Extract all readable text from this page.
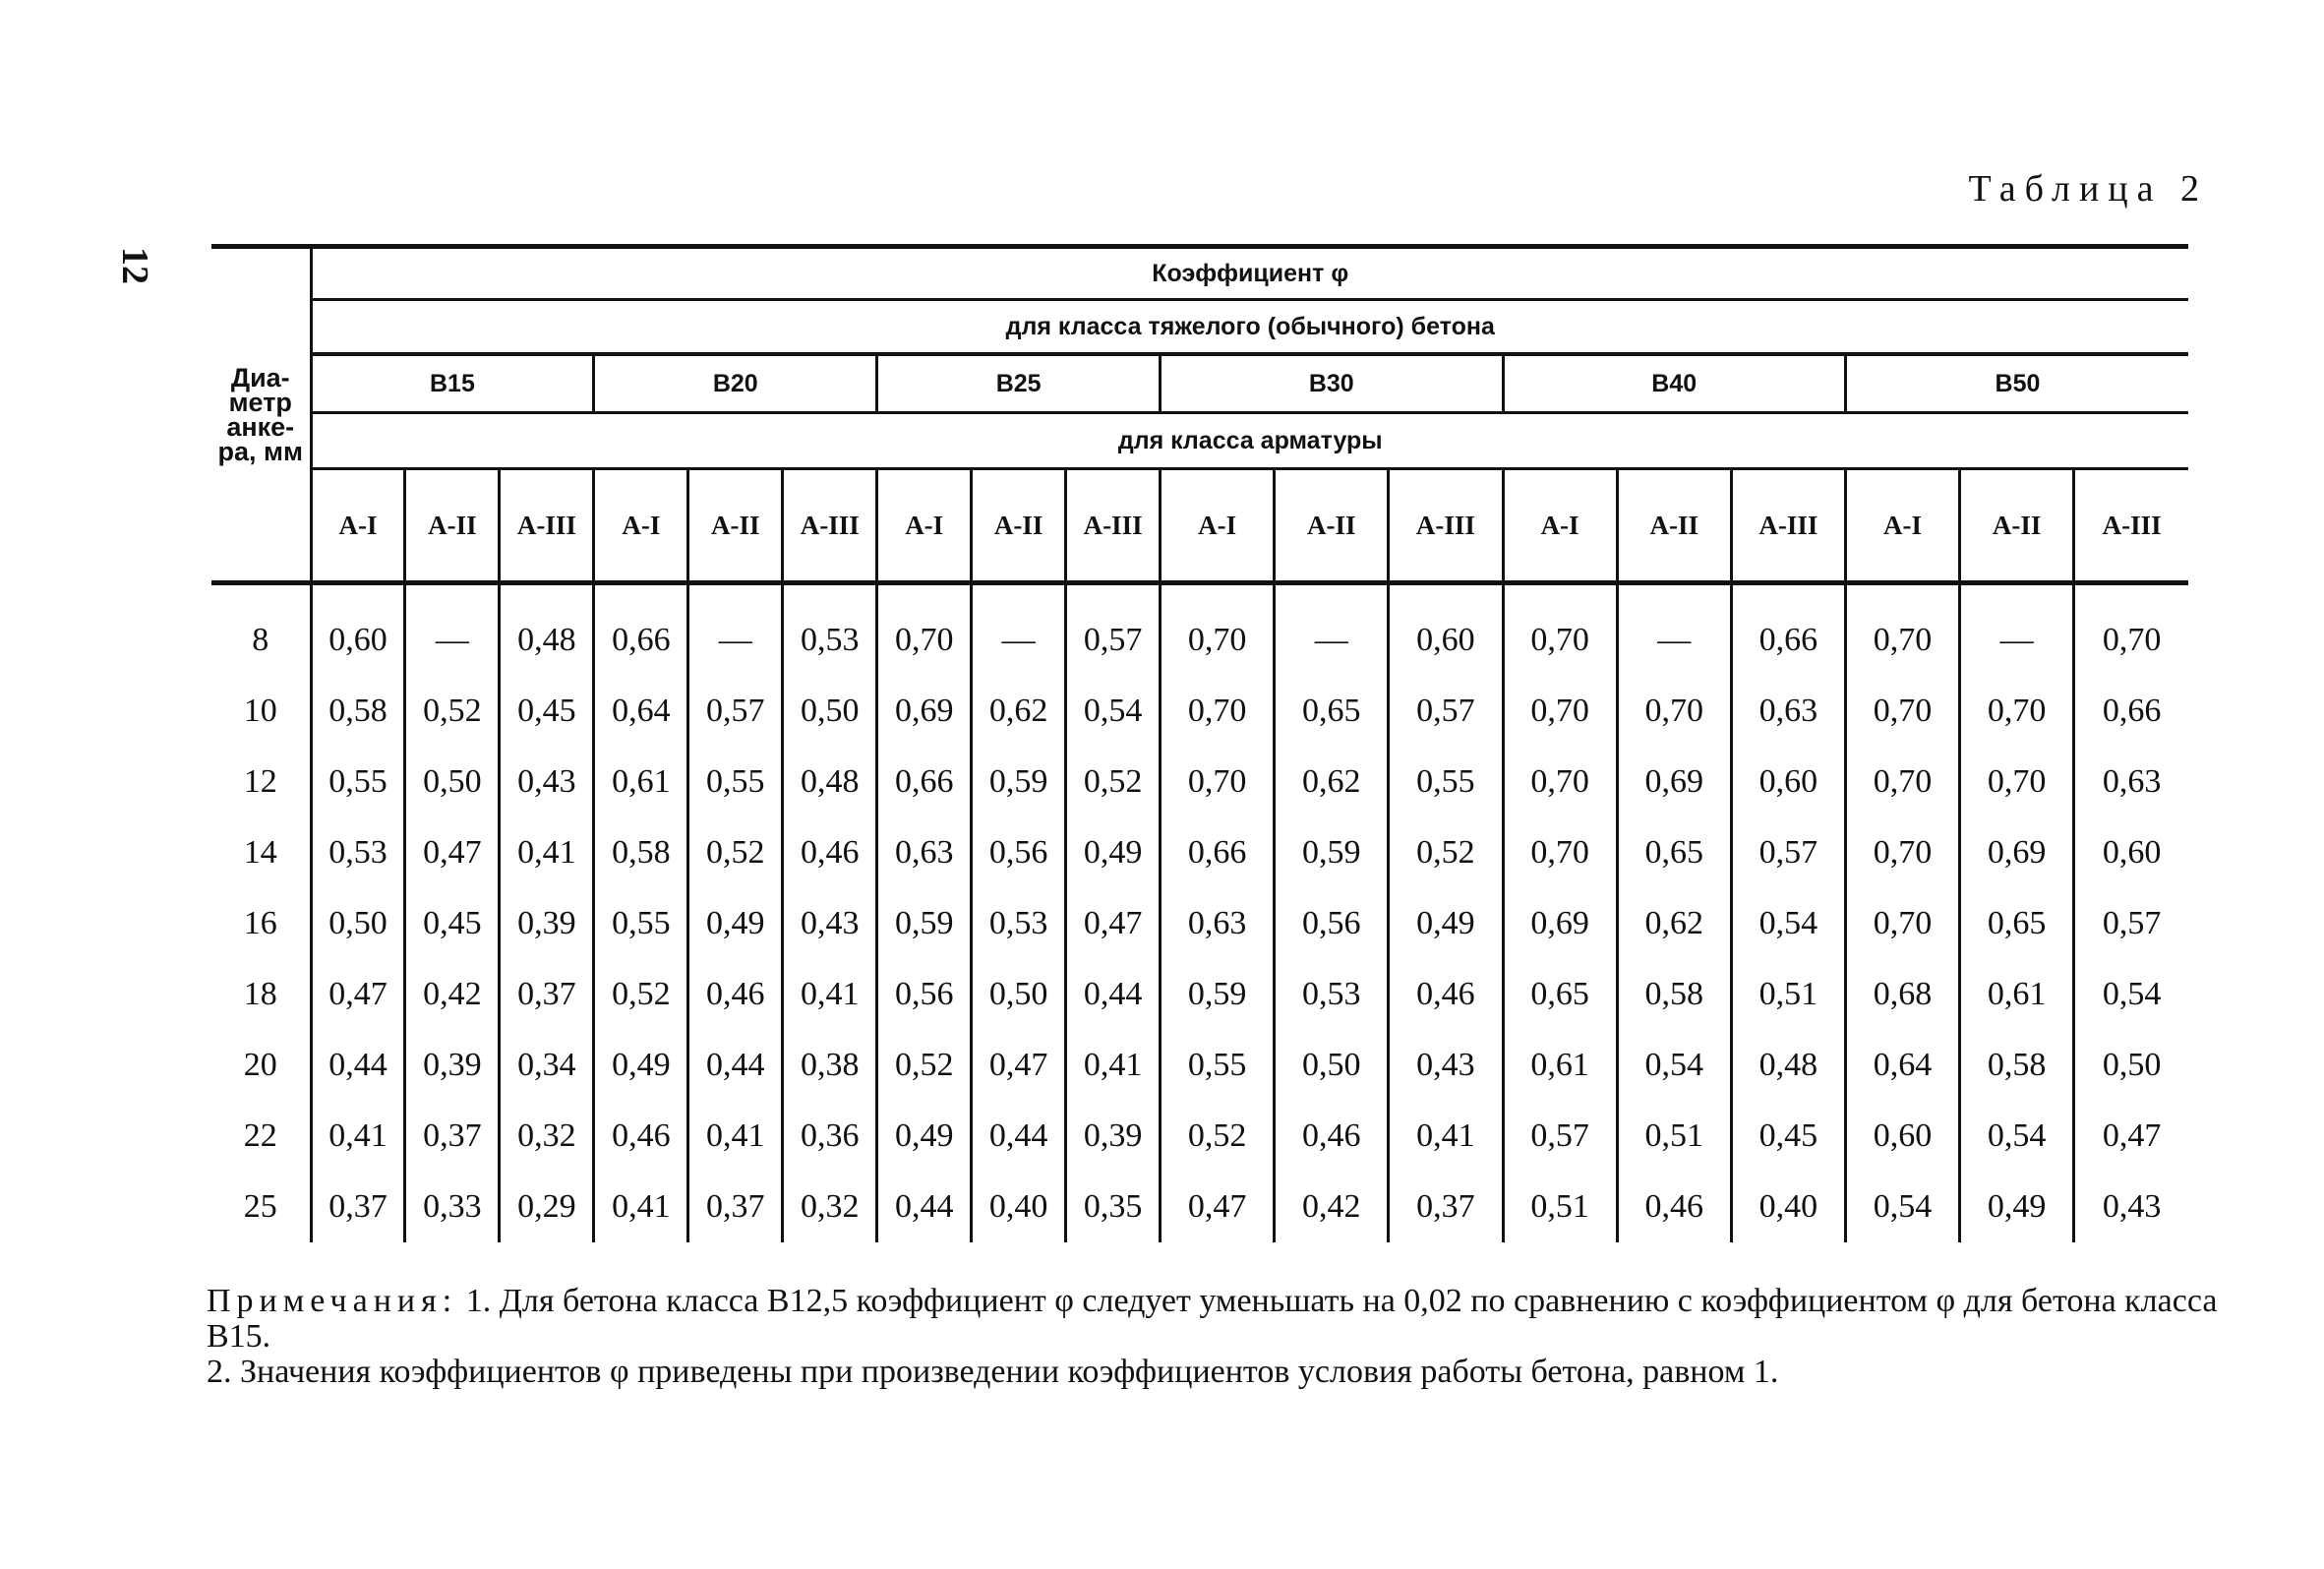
12
Таблица 2

Диа-
метр
анке-
ра, мм	Коэффициент φ																	
	для класса тяжелого (обычного) бетона																	
	B15			B20			B25			B30			B40			B50		
	для класса арматуры																	
	A-I	A-II	A-III	A-I	A-II	A-III	A-I	A-II	A-III	A-I	A-II	A-III	A-I	A-II	A-III	A-I	A-II	A-III

8	0,60	—	0,48	0,66	—	0,53	0,70	—	0,57	0,70	—	0,60	0,70	—	0,66	0,70	—	0,70
10	0,58	0,52	0,45	0,64	0,57	0,50	0,69	0,62	0,54	0,70	0,65	0,57	0,70	0,70	0,63	0,70	0,70	0,66
12	0,55	0,50	0,43	0,61	0,55	0,48	0,66	0,59	0,52	0,70	0,62	0,55	0,70	0,69	0,60	0,70	0,70	0,63
14	0,53	0,47	0,41	0,58	0,52	0,46	0,63	0,56	0,49	0,66	0,59	0,52	0,70	0,65	0,57	0,70	0,69	0,60
16	0,50	0,45	0,39	0,55	0,49	0,43	0,59	0,53	0,47	0,63	0,56	0,49	0,69	0,62	0,54	0,70	0,65	0,57
18	0,47	0,42	0,37	0,52	0,46	0,41	0,56	0,50	0,44	0,59	0,53	0,46	0,65	0,58	0,51	0,68	0,61	0,54
20	0,44	0,39	0,34	0,49	0,44	0,38	0,52	0,47	0,41	0,55	0,50	0,43	0,61	0,54	0,48	0,64	0,58	0,50
22	0,41	0,37	0,32	0,46	0,41	0,36	0,49	0,44	0,39	0,52	0,46	0,41	0,57	0,51	0,45	0,60	0,54	0,47
25	0,37	0,33	0,29	0,41	0,37	0,32	0,44	0,40	0,35	0,47	0,42	0,37	0,51	0,46	0,40	0,54	0,49	0,43
Примечания: 1. Для бетона класса B12,5 коэффициент φ следует уменьшать на 0,02 по сравнению с коэффициентом φ для бетона класса B15.
2. Значения коэффициентов φ приведены при произведении коэффициентов условия работы бетона, равном 1.
